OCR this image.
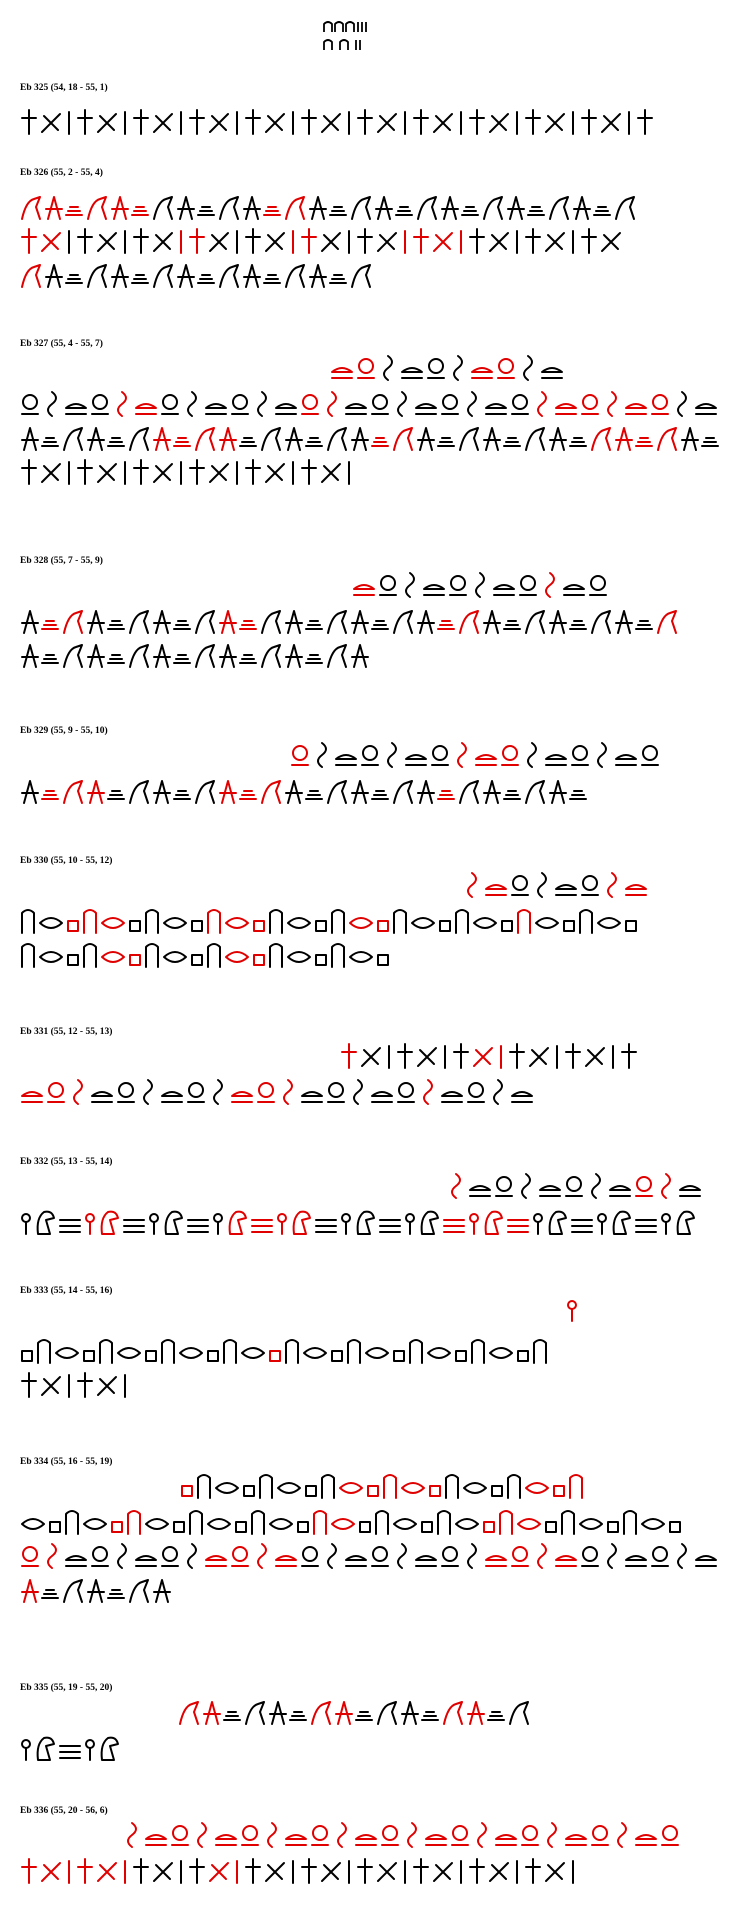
Eb 325 (54, 18 - 55, 1)
Eb 326 (55, 2 - 55, 4)
Eb 327 (55, 4 - 55, 7)
Eb 328 (55, 7 - 55, 9)
Eb 329 (55, 9 - 55, 10)
Eb 330 (55, 10 - 55, 12)
Eb 331 (55, 12 - 55, 13)
Eb 332 (55, 13 - 55, 14)
Eb 333 (55, 14 - 55, 16)
Eb 334 (55, 16 - 55, 19)
Eb 335 (55, 19 - 55, 20)
Eb 336 (55, 20 - 56, 6)
